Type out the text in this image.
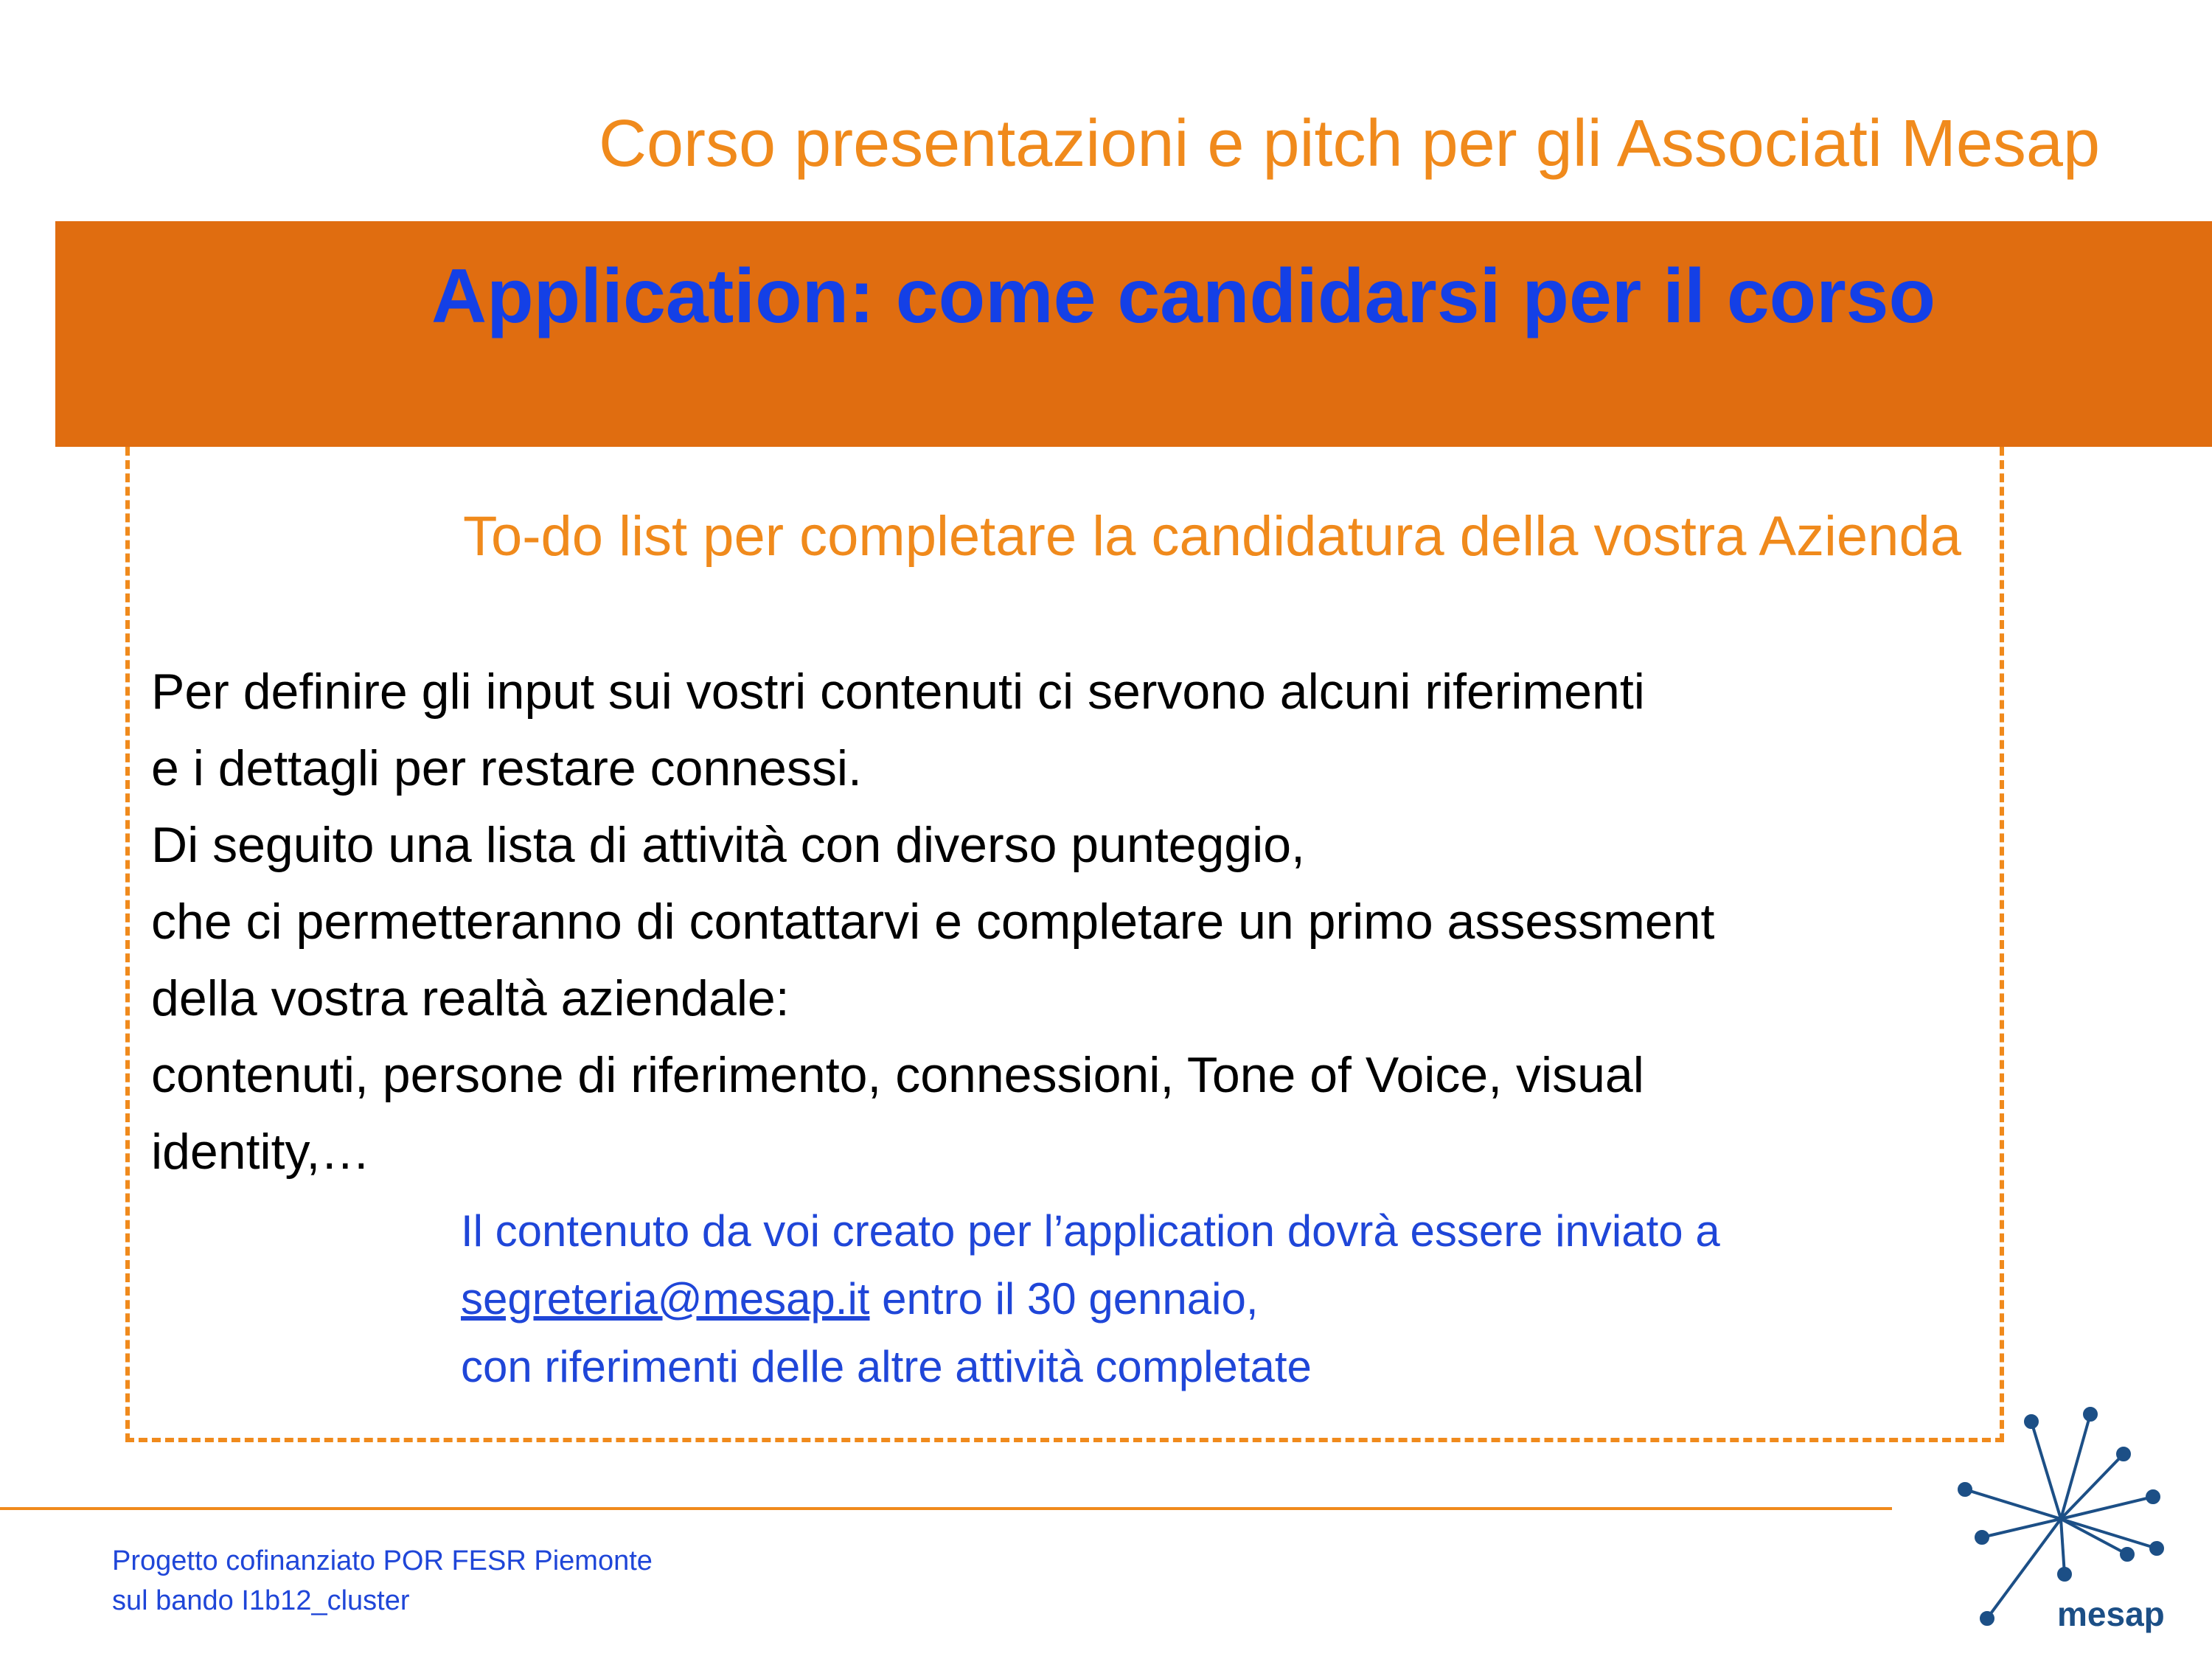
Corso presentazioni e pitch per gli Associati Mesap
Application: come candidarsi per il corso
To-do list per completare la candidatura della vostra Azienda
Per definire gli input sui vostri contenuti ci servono alcuni riferimenti
e i dettagli per restare connessi.
Di seguito una lista di attività con diverso punteggio,
che ci permetteranno di contattarvi e completare un primo assessment
della vostra realtà aziendale:
contenuti, persone di riferimento, connessioni, Tone of Voice, visual
identity,…
Il contenuto da voi creato per l’application dovrà essere inviato a
segreteria@mesap.it entro il 30 gennaio,
con riferimenti delle altre attività completate
Progetto cofinanziato POR FESR Piemonte
sul bando I1b12_cluster	mesap
